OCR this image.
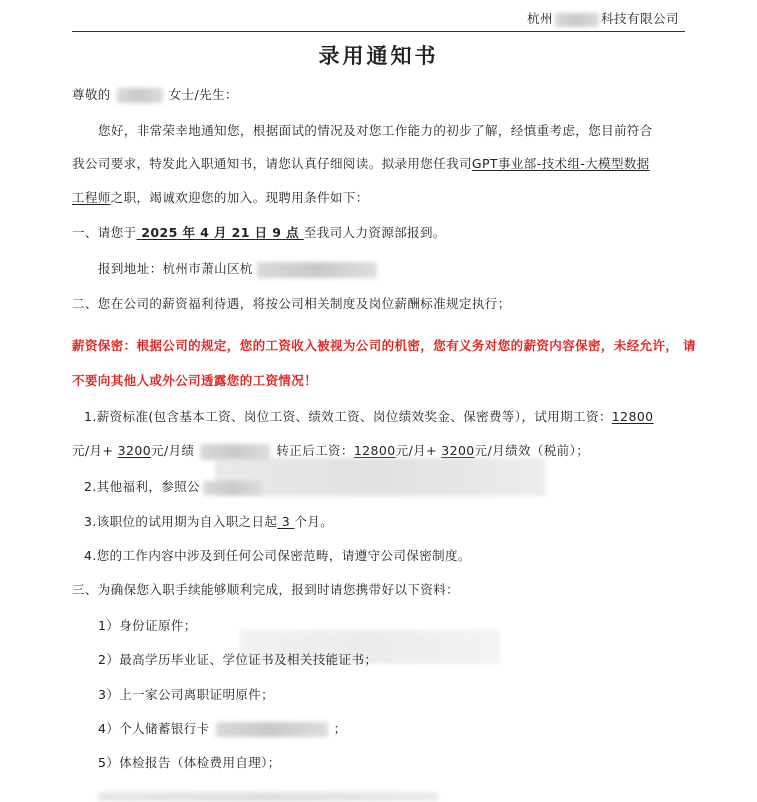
杭州	科技有限公司
录用通知书
尊敬的	女士/先生：
您好，非常荣幸地通知您，根据面试的情况及对您工作能力的初步了解，经慎重考虑，您目前符合
我公司要求，特发此入职通知书，请您认真仔细阅读。拟录用您任我司GPT事业部-技术组-大模型数据
工程师之职，竭诚欢迎您的加入。现聘用条件如下：
一、请您于 2025 年 4 月 21 日 9 点 至我司人力资源部报到。
报到地址：杭州市萧山区杭
二、您在公司的薪资福利待遇，将按公司相关制度及岗位薪酬标准规定执行；
薪资保密：根据公司的规定，您的工资收入被视为公司的机密，您有义务对您的薪资内容保密，未经允许， 请
不要向其他人或外公司透露您的工资情况！
1.薪资标准(包含基本工资、岗位工资、绩效工资、岗位绩效奖金、保密费等），试用期工资：12800
元/月+ 3200元/月绩	转正后工资：12800元/月+ 3200元/月绩效（税前）；
2.其他福利，参照公
3.该职位的试用期为自入职之日起 3 个月。
4.您的工作内容中涉及到任何公司保密范畴，请遵守公司保密制度。
三、为确保您入职手续能够顺利完成，报到时请您携带好以下资料：
1）身份证原件；
2）最高学历毕业证、学位证书及相关技能证书；
3）上一家公司离职证明原件；
4）个人储蓄银行卡	；
5）体检报告（体检费用自理）；
